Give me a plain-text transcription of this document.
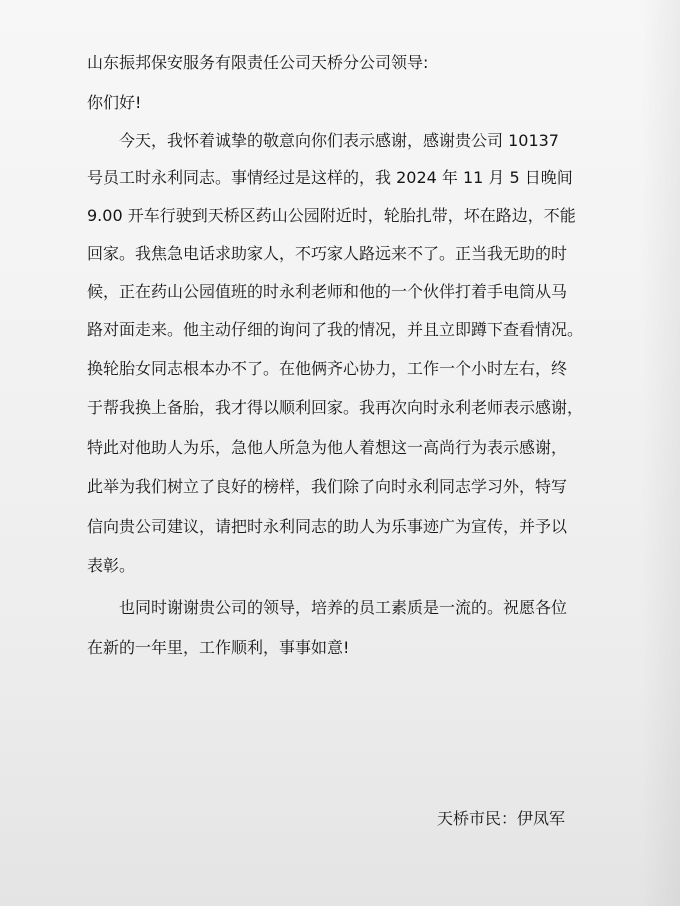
山东振邦保安服务有限责任公司天桥分公司领导:

你们好!

今天，我怀着诚挚的敬意向你们表示感谢，感谢贵公司 10137

号员工时永利同志。事情经过是这样的，我 2024 年 11 月 5 日晚间

9.00 开车行驶到天桥区药山公园附近时，轮胎扎带，坏在路边，不能

回家。我焦急电话求助家人，不巧家人路远来不了。正当我无助的时

候，正在药山公园值班的时永利老师和他的一个伙伴打着手电筒从马

路对面走来。他主动仔细的询问了我的情况，并且立即蹲下查看情况。

换轮胎女同志根本办不了。在他俩齐心协力，工作一个小时左右，终

于帮我换上备胎，我才得以顺利回家。我再次向时永利老师表示感谢，

特此对他助人为乐，急他人所急为他人着想这一高尚行为表示感谢，

此举为我们树立了良好的榜样，我们除了向时永利同志学习外，特写

信向贵公司建议，请把时永利同志的助人为乐事迹广为宣传，并予以

表彰。

也同时谢谢贵公司的领导，培养的员工素质是一流的。祝愿各位

在新的一年里，工作顺利，事事如意!

天桥市民：伊凤军
